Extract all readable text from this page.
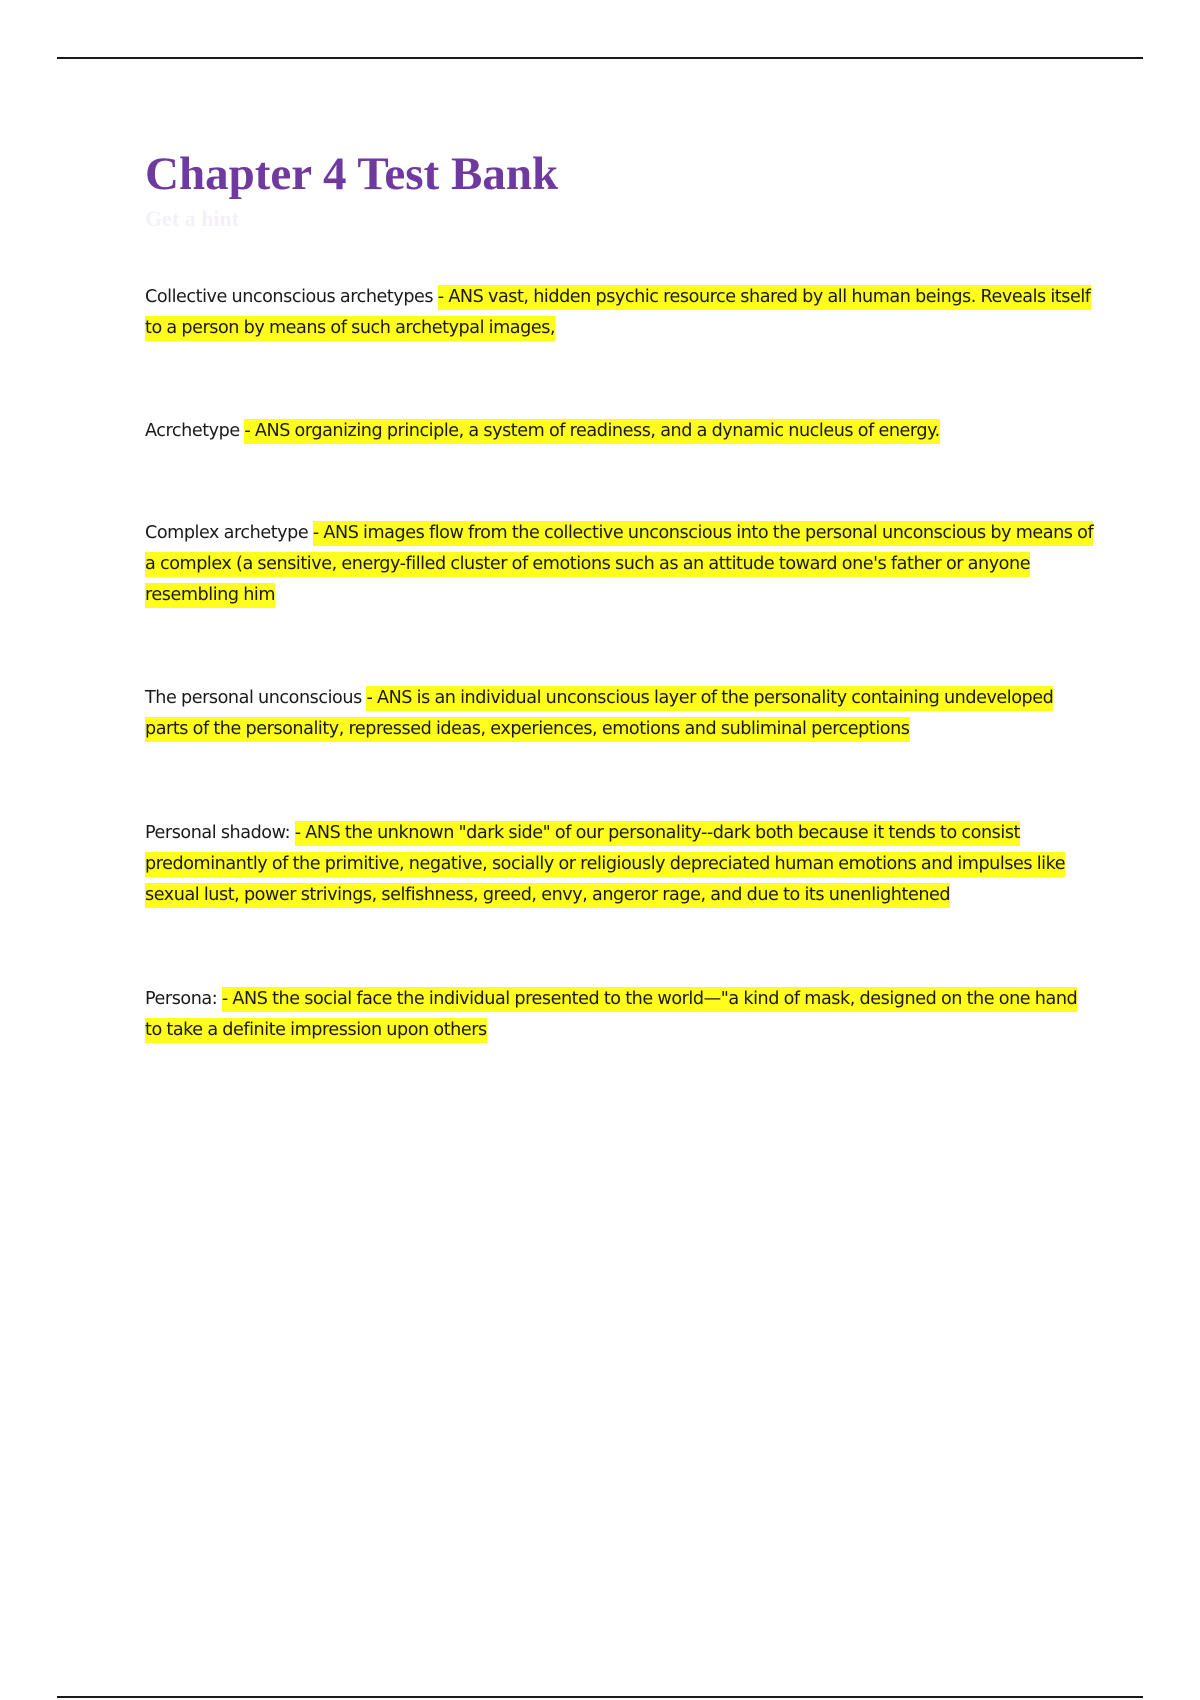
Chapter 4 Test Bank
Get a hint

Collective unconscious archetypes - ANS vast, hidden psychic resource shared by all human beings. Reveals itself to a person by means of such archetypal images,

Acrchetype - ANS organizing principle, a system of readiness, and a dynamic nucleus of energy.

Complex archetype - ANS images flow from the collective unconscious into the personal unconscious by means of a complex (a sensitive, energy-filled cluster of emotions such as an attitude toward one's father or anyone resembling him

The personal unconscious - ANS is an individual unconscious layer of the personality containing undeveloped parts of the personality, repressed ideas, experiences, emotions and subliminal perceptions

Personal shadow: - ANS the unknown "dark side" of our personality--dark both because it tends to consist predominantly of the primitive, negative, socially or religiously depreciated human emotions and impulses like sexual lust, power strivings, selfishness, greed, envy, angeror rage, and due to its unenlightened

Persona: - ANS the social face the individual presented to the world—"a kind of mask, designed on the one hand to take a definite impression upon others
